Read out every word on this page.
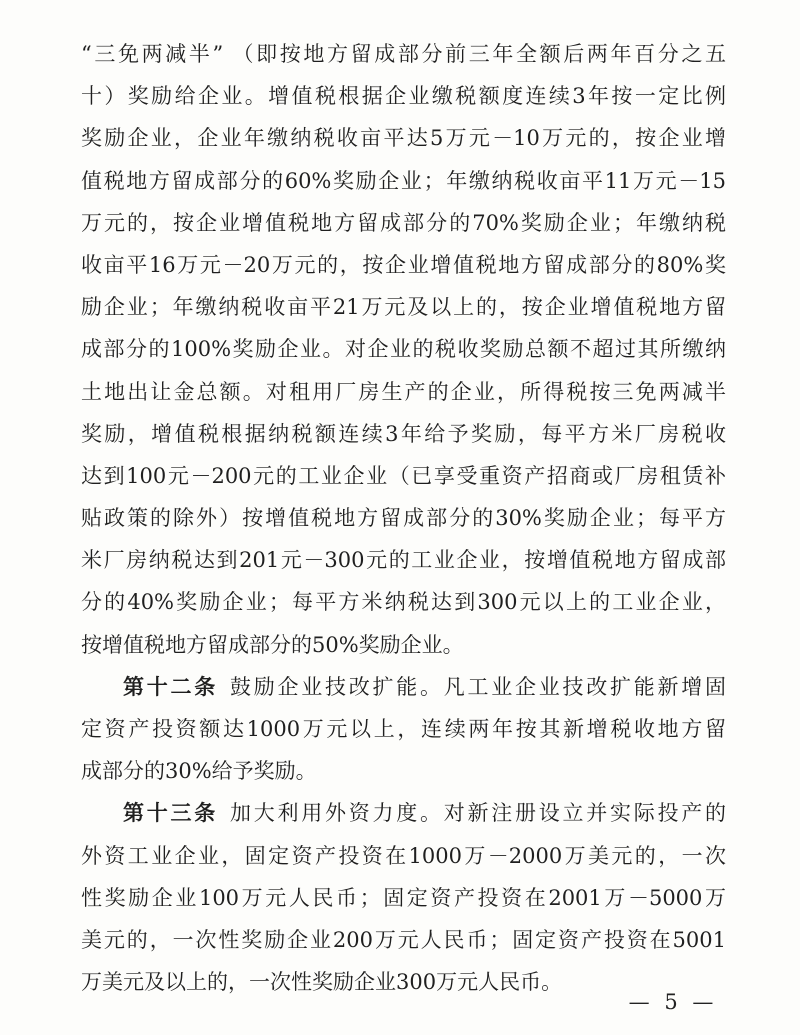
“三免两减半” （即按地方留成部分前三年全额后两年百分之五
十）奖励给企业。增值税根据企业缴税额度连续3年按一定比例
奖励企业，企业年缴纳税收亩平达5万元－10万元的，按企业增
值税地方留成部分的60%奖励企业；年缴纳税收亩平11万元－15
万元的，按企业增值税地方留成部分的70%奖励企业；年缴纳税
收亩平16万元－20万元的，按企业增值税地方留成部分的80%奖
励企业；年缴纳税收亩平21万元及以上的，按企业增值税地方留
成部分的100%奖励企业。对企业的税收奖励总额不超过其所缴纳
土地出让金总额。对租用厂房生产的企业，所得税按三免两减半
奖励，增值税根据纳税额连续3年给予奖励，每平方米厂房税收
达到100元－200元的工业企业（已享受重资产招商或厂房租赁补
贴政策的除外）按增值税地方留成部分的30%奖励企业；每平方
米厂房纳税达到201元－300元的工业企业，按增值税地方留成部
分的40%奖励企业；每平方米纳税达到300元以上的工业企业，
按增值税地方留成部分的50%奖励企业。
第十二条 鼓励企业技改扩能。凡工业企业技改扩能新增固
定资产投资额达1000万元以上，连续两年按其新增税收地方留
成部分的30%给予奖励。
第十三条 加大利用外资力度。对新注册设立并实际投产的
外资工业企业，固定资产投资在1000万－2000万美元的，一次
性奖励企业100万元人民币；固定资产投资在2001万－5000万
美元的，一次性奖励企业200万元人民币；固定资产投资在5001
万美元及以上的，一次性奖励企业300万元人民币。
— 5 —
